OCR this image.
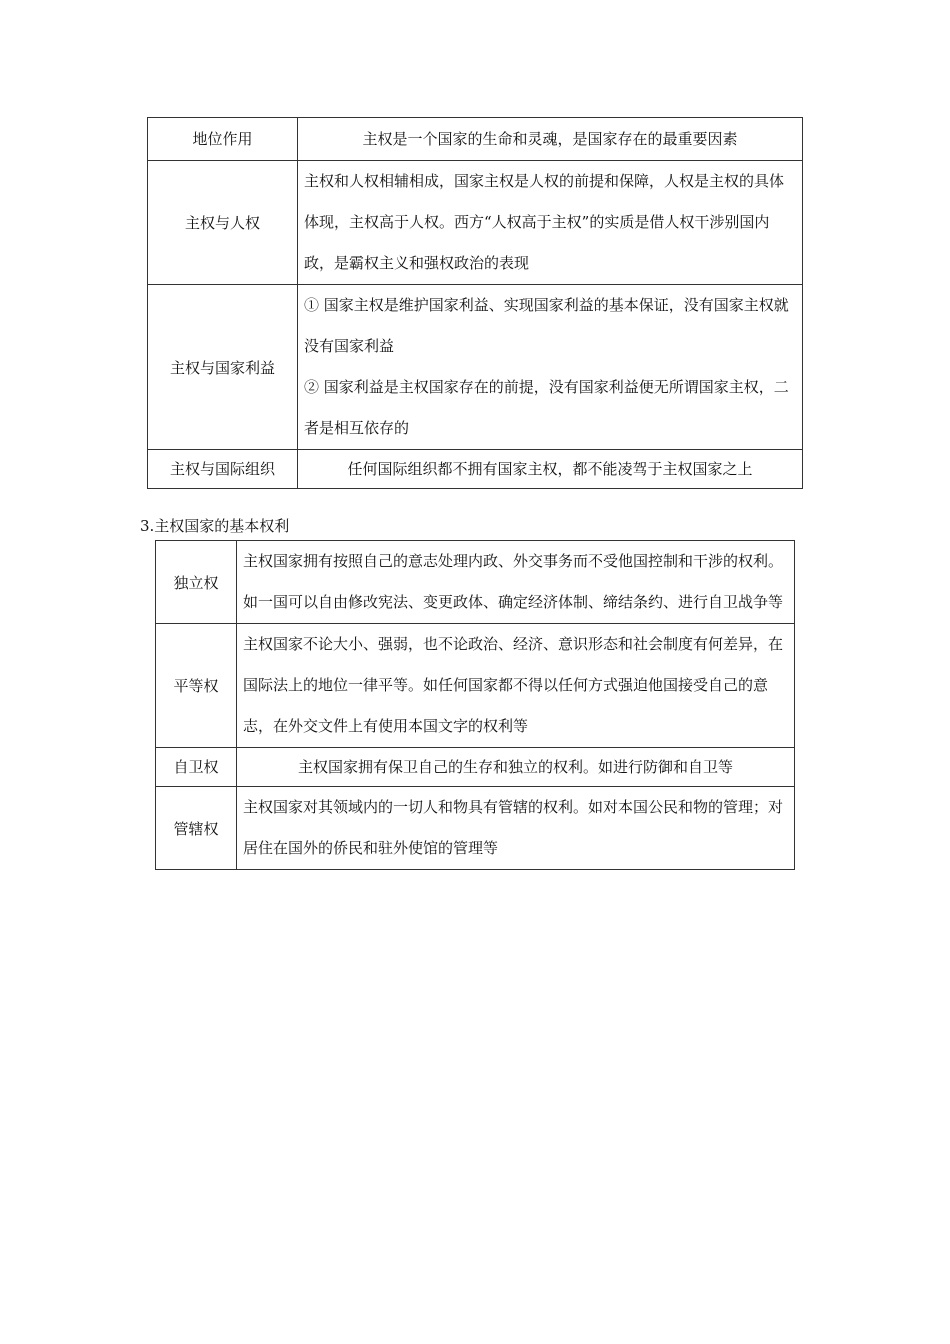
地位作用	主权是一个国家的生命和灵魂，是国家存在的最重要因素
主权与人权	主权和人权相辅相成，国家主权是人权的前提和保障，人权是主权的具体体现，主权高于人权。西方“人权高于主权”的实质是借人权干涉别国内政，是霸权主义和强权政治的表现
主权与国家利益	① 国家主权是维护国家利益、实现国家利益的基本保证，没有国家主权就没有国家利益
② 国家利益是主权国家存在的前提，没有国家利益便无所谓国家主权，二者是相互依存的

主权与国际组织	任何国际组织都不拥有国家主权，都不能凌驾于主权国家之上
3.主权国家的基本权利
独立权	主权国家拥有按照自己的意志处理内政、外交事务而不受他国控制和干涉的权利。如一国可以自由修改宪法、变更政体、确定经济体制、缔结条约、进行自卫战争等
平等权	主权国家不论大小、强弱，也不论政治、经济、意识形态和社会制度有何差异，在国际法上的地位一律平等。如任何国家都不得以任何方式强迫他国接受自己的意志，在外交文件上有使用本国文字的权利等
自卫权	主权国家拥有保卫自己的生存和独立的权利。如进行防御和自卫等
管辖权	主权国家对其领域内的一切人和物具有管辖的权利。如对本国公民和物的管理；对居住在国外的侨民和驻外使馆的管理等
